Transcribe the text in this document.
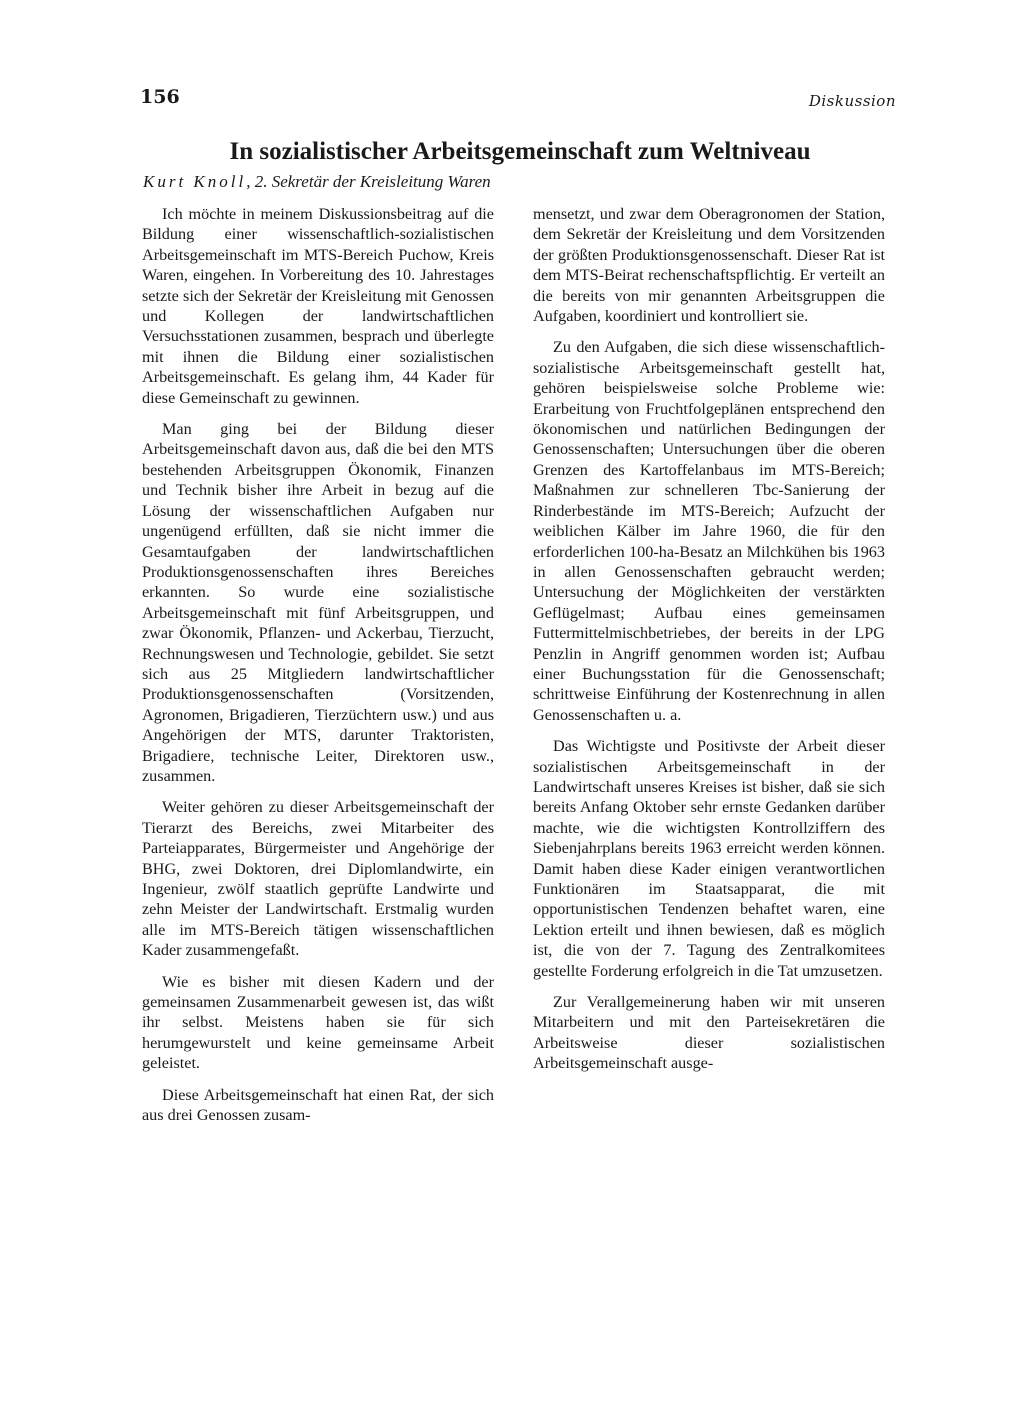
156	Diskussion
In sozialistischer Arbeitsgemeinschaft zum Weltniveau
Kurt Knoll, 2. Sekretär der Kreisleitung Waren

Ich möchte in meinem Diskussionsbeitrag auf die Bildung einer wissenschaftlich-sozialistischen Arbeitsgemeinschaft im MTS-Bereich Puchow, Kreis Waren, eingehen. In Vorbereitung des 10. Jahrestages setzte sich der Sekretär der Kreisleitung mit Genossen und Kollegen der landwirtschaftlichen Versuchsstationen zusammen, besprach und überlegte mit ihnen die Bildung einer sozialistischen Arbeitsgemeinschaft. Es gelang ihm, 44 Kader für diese Gemeinschaft zu gewinnen.

Man ging bei der Bildung dieser Arbeitsgemeinschaft davon aus, daß die bei den MTS bestehenden Arbeitsgruppen Ökonomik, Finanzen und Technik bisher ihre Arbeit in bezug auf die Lösung der wissenschaftlichen Aufgaben nur ungenügend erfüllten, daß sie nicht immer die Gesamtaufgaben der landwirtschaftlichen Produktionsgenossenschaften ihres Bereiches erkannten. So wurde eine sozialistische Arbeitsgemeinschaft mit fünf Arbeitsgruppen, und zwar Ökonomik, Pflanzen- und Ackerbau, Tierzucht, Rechnungswesen und Technologie, gebildet. Sie setzt sich aus 25 Mitgliedern landwirtschaftlicher Produktionsgenossenschaften (Vorsitzenden, Agronomen, Brigadieren, Tierzüchtern usw.) und aus Angehörigen der MTS, darunter Traktoristen, Brigadiere, technische Leiter, Direktoren usw., zusammen.

Weiter gehören zu dieser Arbeitsgemeinschaft der Tierarzt des Bereichs, zwei Mitarbeiter des Parteiapparates, Bürgermeister und Angehörige der BHG, zwei Doktoren, drei Diplomlandwirte, ein Ingenieur, zwölf staatlich geprüfte Landwirte und zehn Meister der Landwirtschaft. Erstmalig wurden alle im MTS-Bereich tätigen wissenschaftlichen Kader zusammengefaßt.

Wie es bisher mit diesen Kadern und der gemeinsamen Zusammenarbeit gewesen ist, das wißt ihr selbst. Meistens haben sie für sich herumgewurstelt und keine gemeinsame Arbeit geleistet.

Diese Arbeitsgemeinschaft hat einen Rat, der sich aus drei Genossen zusam-

mensetzt, und zwar dem Oberagronomen der Station, dem Sekretär der Kreisleitung und dem Vorsitzenden der größten Produktionsgenossenschaft. Dieser Rat ist dem MTS-Beirat rechenschaftspflichtig. Er verteilt an die bereits von mir genannten Arbeitsgruppen die Aufgaben, koordiniert und kontrolliert sie.

Zu den Aufgaben, die sich diese wissenschaftlich-sozialistische Arbeitsgemeinschaft gestellt hat, gehören beispielsweise solche Probleme wie: Erarbeitung von Fruchtfolgeplänen entsprechend den ökonomischen und natürlichen Bedingungen der Genossenschaften; Untersuchungen über die oberen Grenzen des Kartoffelanbaus im MTS-Bereich; Maßnahmen zur schnelleren Tbc-Sanierung der Rinderbestände im MTS-Bereich; Aufzucht der weiblichen Kälber im Jahre 1960, die für den erforderlichen 100-ha-Besatz an Milchkühen bis 1963 in allen Genossenschaften gebraucht werden; Untersuchung der Möglichkeiten der verstärkten Geflügelmast; Aufbau eines gemeinsamen Futtermittelmischbetriebes, der bereits in der LPG Penzlin in Angriff genommen worden ist; Aufbau einer Buchungsstation für die Genossenschaft; schrittweise Einführung der Kostenrechnung in allen Genossenschaften u. a.

Das Wichtigste und Positivste der Arbeit dieser sozialistischen Arbeitsgemeinschaft in der Landwirtschaft unseres Kreises ist bisher, daß sie sich bereits Anfang Oktober sehr ernste Gedanken darüber machte, wie die wichtigsten Kontrollziffern des Siebenjahrplans bereits 1963 erreicht werden können. Damit haben diese Kader einigen verantwortlichen Funktionären im Staatsapparat, die mit opportunistischen Tendenzen behaftet waren, eine Lektion erteilt und ihnen bewiesen, daß es möglich ist, die von der 7. Tagung des Zentralkomitees gestellte Forderung erfolgreich in die Tat umzusetzen.

Zur Verallgemeinerung haben wir mit unseren Mitarbeitern und mit den Parteisekretären die Arbeitsweise dieser sozialistischen Arbeitsgemeinschaft ausge-
